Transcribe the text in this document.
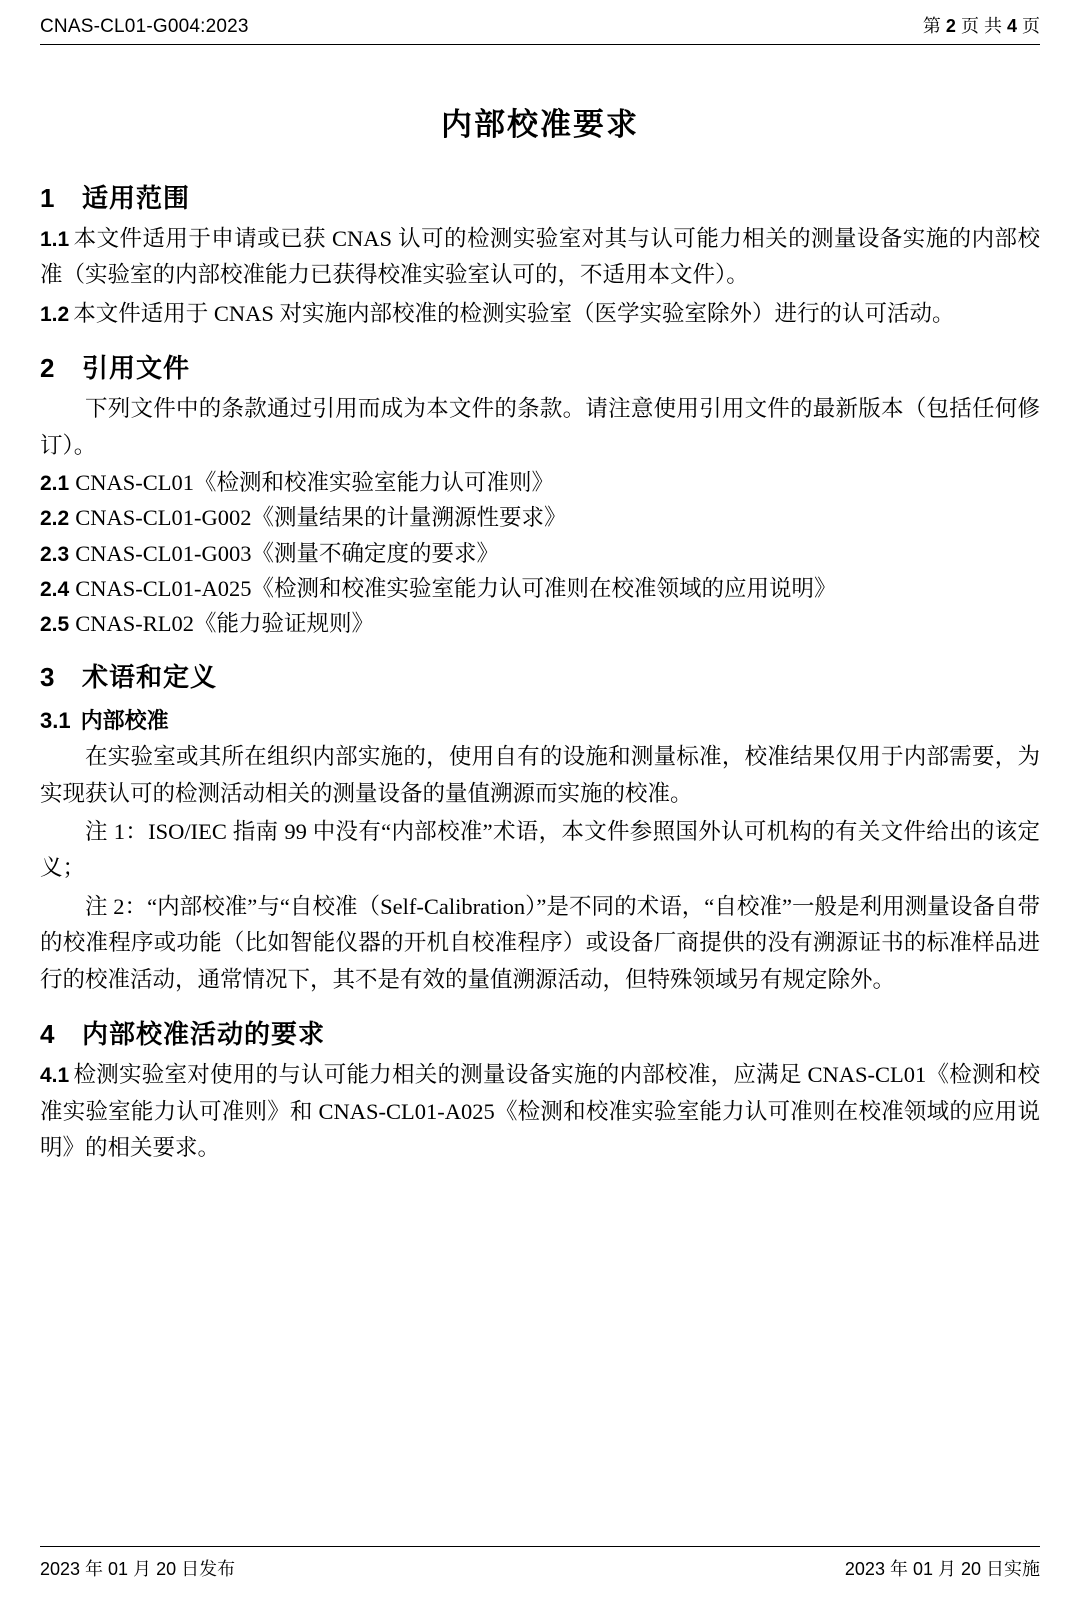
CNAS-CL01-G004:2023	第 2 页 共 4 页
内部校准要求
1 适用范围

1.1 本文件适用于申请或已获 CNAS 认可的检测实验室对其与认可能力相关的测量设备实施的内部校准（实验室的内部校准能力已获得校准实验室认可的，不适用本文件）。

1.2 本文件适用于 CNAS 对实施内部校准的检测实验室（医学实验室除外）进行的认可活动。

2 引用文件

下列文件中的条款通过引用而成为本文件的条款。请注意使用引用文件的最新版本（包括任何修订）。

2.1 CNAS-CL01《检测和校准实验室能力认可准则》

2.2 CNAS-CL01-G002《测量结果的计量溯源性要求》

2.3 CNAS-CL01-G003《测量不确定度的要求》

2.4 CNAS-CL01-A025《检测和校准实验室能力认可准则在校准领域的应用说明》

2.5 CNAS-RL02《能力验证规则》

3 术语和定义
3.1 内部校准

在实验室或其所在组织内部实施的，使用自有的设施和测量标准，校准结果仅用于内部需要，为实现获认可的检测活动相关的测量设备的量值溯源而实施的校准。

注 1：ISO/IEC 指南 99 中没有“内部校准”术语，本文件参照国外认可机构的有关文件给出的该定义；

注 2：“内部校准”与“自校准（Self-Calibration）”是不同的术语，“自校准”一般是利用测量设备自带的校准程序或功能（比如智能仪器的开机自校准程序）或设备厂商提供的没有溯源证书的标准样品进行的校准活动，通常情况下，其不是有效的量值溯源活动，但特殊领域另有规定除外。

4 内部校准活动的要求

4.1 检测实验室对使用的与认可能力相关的测量设备实施的内部校准，应满足 CNAS-CL01《检测和校准实验室能力认可准则》和 CNAS-CL01-A025《检测和校准实验室能力认可准则在校准领域的应用说明》的相关要求。

2023 年 01 月 20 日发布	2023 年 01 月 20 日实施
